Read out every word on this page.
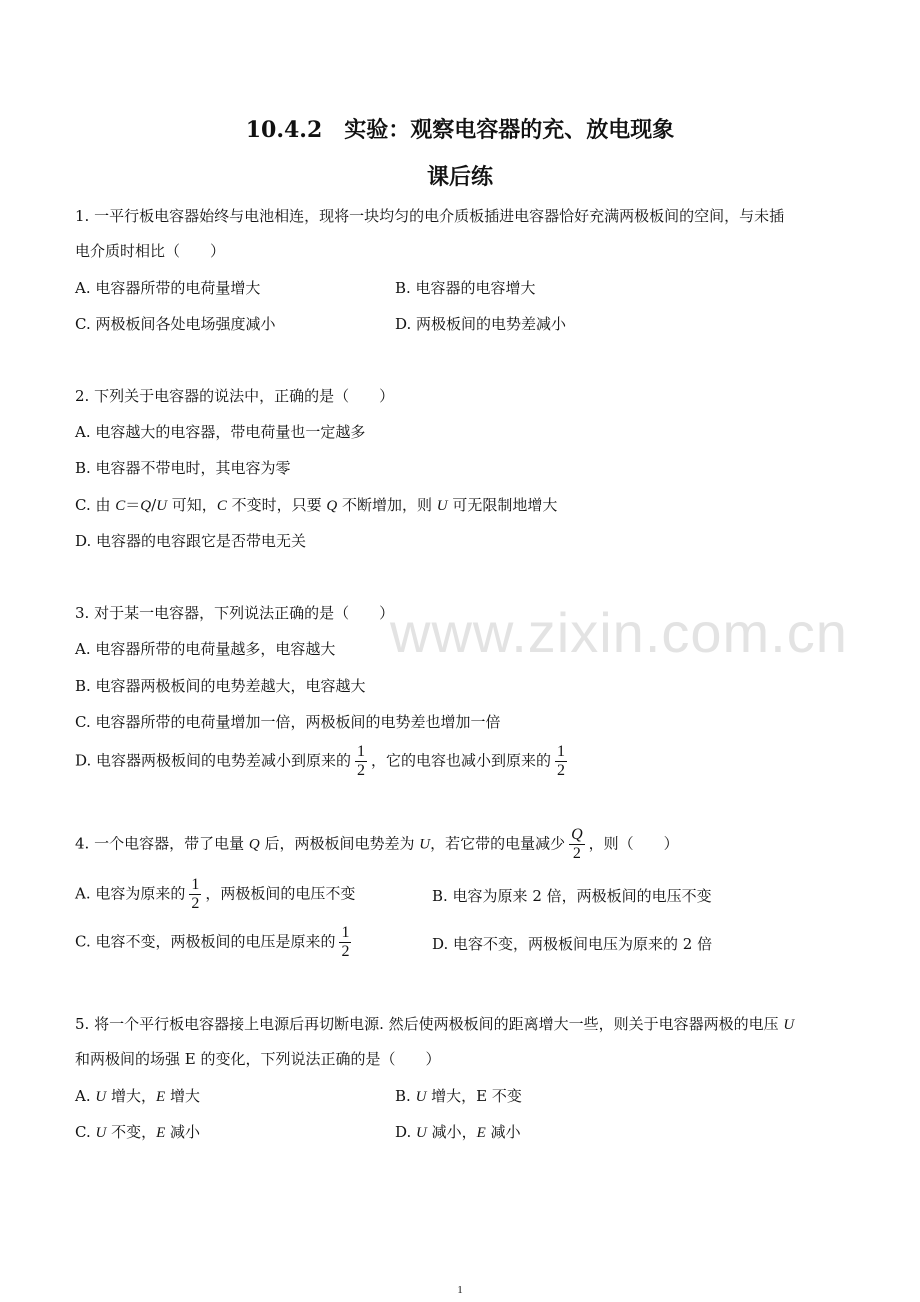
10.4.2　实验：观察电容器的充、放电现象
课后练
1. 一平行板电容器始终与电池相连，现将一块均匀的电介质板插进电容器恰好充满两极板间的空间，与未插
电介质时相比（　　）
A. 电容器所带的电荷量增大	B. 电容器的电容增大
C. 两极板间各处电场强度减小	D. 两极板间的电势差减小
2. 下列关于电容器的说法中，正确的是（　　）
A. 电容越大的电容器，带电荷量也一定越多
B. 电容器不带电时，其电容为零
C. 由 C＝Q/U 可知，C 不变时，只要 Q 不断增加，则 U 可无限制地增大
D. 电容器的电容跟它是否带电无关
www.zixin.com.cn
3. 对于某一电容器，下列说法正确的是（　　）
A. 电容器所带的电荷量越多，电容越大
B. 电容器两极板间的电势差越大，电容越大
C. 电容器所带的电荷量增加一倍，两极板间的电势差也增加一倍
D. 电容器两极板间的电势差减小到原来的 $\frac{1}{2}$ ，它的电容也减小到原来的 $\frac{1}{2}$
4. 一个电容器，带了电量 Q 后，两极板间电势差为 U，若它带的电量减少 $\frac{Q}{2}$ ，则（　　）
A. 电容为原来的 $\frac{1}{2}$ ，两极板间的电压不变	B. 电容为原来 2 倍，两极板间的电压不变
C. 电容不变，两极板间的电压是原来的 $\frac{1}{2}$	D. 电容不变，两极板间电压为原来的 2 倍
5. 将一个平行板电容器接上电源后再切断电源. 然后使两极板间的距离增大一些，则关于电容器两极的电压 U
和两极间的场强 E 的变化，下列说法正确的是（　　）
A. U 增大，E 增大	B. U 增大，E 不变
C. U 不变，E 减小	D. U 减小，E 减小
1
